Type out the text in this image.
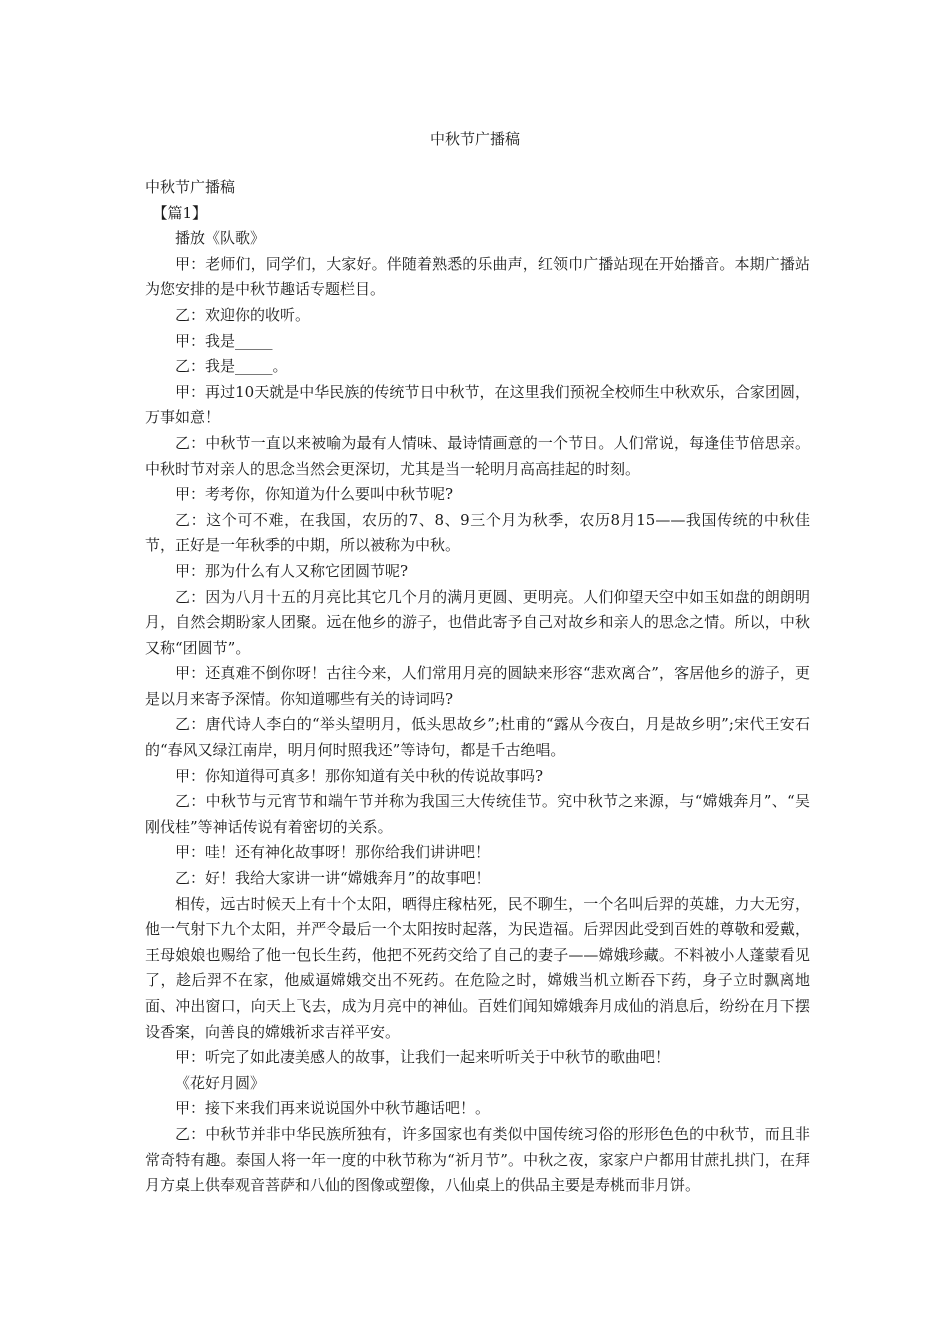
中秋节广播稿

中秋节广播稿

【篇1】

播放《队歌》

甲：老师们，同学们，大家好。伴随着熟悉的乐曲声，红领巾广播站现在开始播音。本期广播站为您安排的是中秋节趣话专题栏目。

乙：欢迎你的收听。

甲：我是_____

乙：我是_____。

甲：再过10天就是中华民族的传统节日中秋节，在这里我们预祝全校师生中秋欢乐，合家团圆，万事如意！

乙：中秋节一直以来被喻为最有人情味、最诗情画意的一个节日。人们常说，每逢佳节倍思亲。中秋时节对亲人的思念当然会更深切，尤其是当一轮明月高高挂起的时刻。

甲：考考你，你知道为什么要叫中秋节呢?

乙：这个可不难，在我国，农历的7、8、9三个月为秋季，农历8月15——我国传统的中秋佳节，正好是一年秋季的中期，所以被称为中秋。

甲：那为什么有人又称它团圆节呢?

乙：因为八月十五的月亮比其它几个月的满月更圆、更明亮。人们仰望天空中如玉如盘的朗朗明月，自然会期盼家人团聚。远在他乡的游子，也借此寄予自己对故乡和亲人的思念之情。所以，中秋又称“团圆节”。

甲：还真难不倒你呀！古往今来，人们常用月亮的圆缺来形容“悲欢离合”，客居他乡的游子，更是以月来寄予深情。你知道哪些有关的诗词吗?

乙：唐代诗人李白的“举头望明月，低头思故乡”;杜甫的“露从今夜白，月是故乡明”;宋代王安石的“春风又绿江南岸，明月何时照我还”等诗句，都是千古绝唱。

甲：你知道得可真多！那你知道有关中秋的传说故事吗?

乙：中秋节与元宵节和端午节并称为我国三大传统佳节。究中秋节之来源，与“嫦娥奔月”、“吴刚伐桂”等神话传说有着密切的关系。

甲：哇！还有神化故事呀！那你给我们讲讲吧！

乙：好！我给大家讲一讲“嫦娥奔月”的故事吧！

相传，远古时候天上有十个太阳，晒得庄稼枯死，民不聊生，一个名叫后羿的英雄，力大无穷，他一气射下九个太阳，并严令最后一个太阳按时起落，为民造福。后羿因此受到百姓的尊敬和爱戴，王母娘娘也赐给了他一包长生药，他把不死药交给了自己的妻子——嫦娥珍藏。不料被小人蓬蒙看见了，趁后羿不在家，他威逼嫦娥交出不死药。在危险之时，嫦娥当机立断吞下药，身子立时飘离地面、冲出窗口，向天上飞去，成为月亮中的神仙。百姓们闻知嫦娥奔月成仙的消息后，纷纷在月下摆设香案，向善良的嫦娥祈求吉祥平安。

甲：听完了如此凄美感人的故事，让我们一起来听听关于中秋节的歌曲吧！

《花好月圆》

甲：接下来我们再来说说国外中秋节趣话吧！。

乙：中秋节并非中华民族所独有，许多国家也有类似中国传统习俗的形形色色的中秋节，而且非常奇特有趣。泰国人将一年一度的中秋节称为“祈月节”。中秋之夜，家家户户都用甘蔗扎拱门，在拜月方桌上供奉观音菩萨和八仙的图像或塑像，八仙桌上的供品主要是寿桃而非月饼。
